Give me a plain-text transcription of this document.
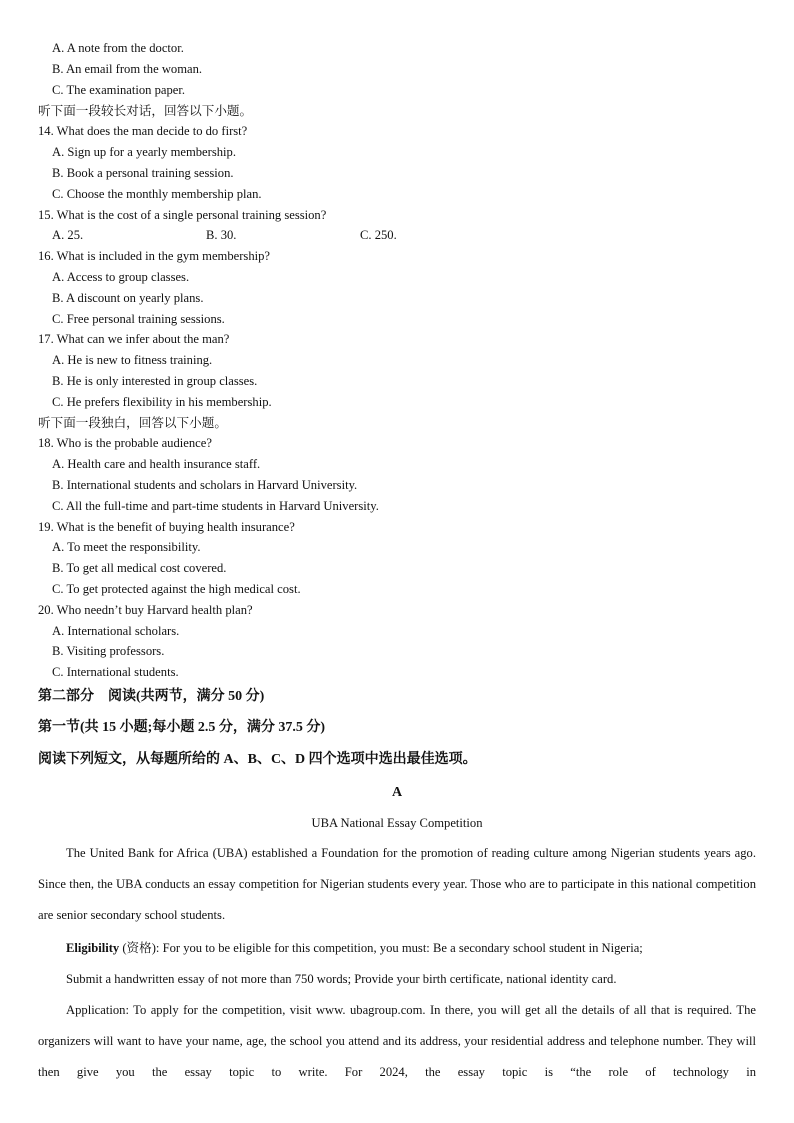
A. A note from the doctor.
B. An email from the woman.
C. The examination paper.
听下面一段较长对话，回答以下小题。
14. What does the man decide to do first?
A. Sign up for a yearly membership.
B. Book a personal training session.
C. Choose the monthly membership plan.
15. What is the cost of a single personal training session?
A. 25.	B. 30.	C. 250.
16. What is included in the gym membership?
A. Access to group classes.
B. A discount on yearly plans.
C. Free personal training sessions.
17. What can we infer about the man?
A. He is new to fitness training.
B. He is only interested in group classes.
C. He prefers flexibility in his membership.
听下面一段独白，回答以下小题。
18. Who is the probable audience?
A. Health care and health insurance staff.
B. International students and scholars in Harvard University.
C. All the full-time and part-time students in Harvard University.
19. What is the benefit of buying health insurance?
A. To meet the responsibility.
B. To get all medical cost covered.
C. To get protected against the high medical cost.
20. Who needn’t buy Harvard health plan?
A. International scholars.
B. Visiting professors.
C. International students.
第二部分　阅读(共两节，满分 50 分)
第一节(共 15 小题;每小题 2.5 分，满分 37.5 分)
阅读下列短文，从每题所给的 A、B、C、D 四个选项中选出最佳选项。
A
UBA National Essay Competition

The United Bank for Africa (UBA) established a Foundation for the promotion of reading culture among Nigerian students years ago. Since then, the UBA conducts an essay competition for Nigerian students every year. Those who are to participate in this national competition are senior secondary school students.

Eligibility (资格): For you to be eligible for this competition, you must: Be a secondary school student in Nigeria;

Submit a handwritten essay of not more than 750 words; Provide your birth certificate, national identity card.

Application: To apply for the competition, visit www. ubagroup.com. In there, you will get all the details of all that is required. The organizers will want to have your name, age, the school you attend and its address, your residential address and telephone number. They will then give you the essay topic to write. For 2024, the essay topic is “the role of technology in
